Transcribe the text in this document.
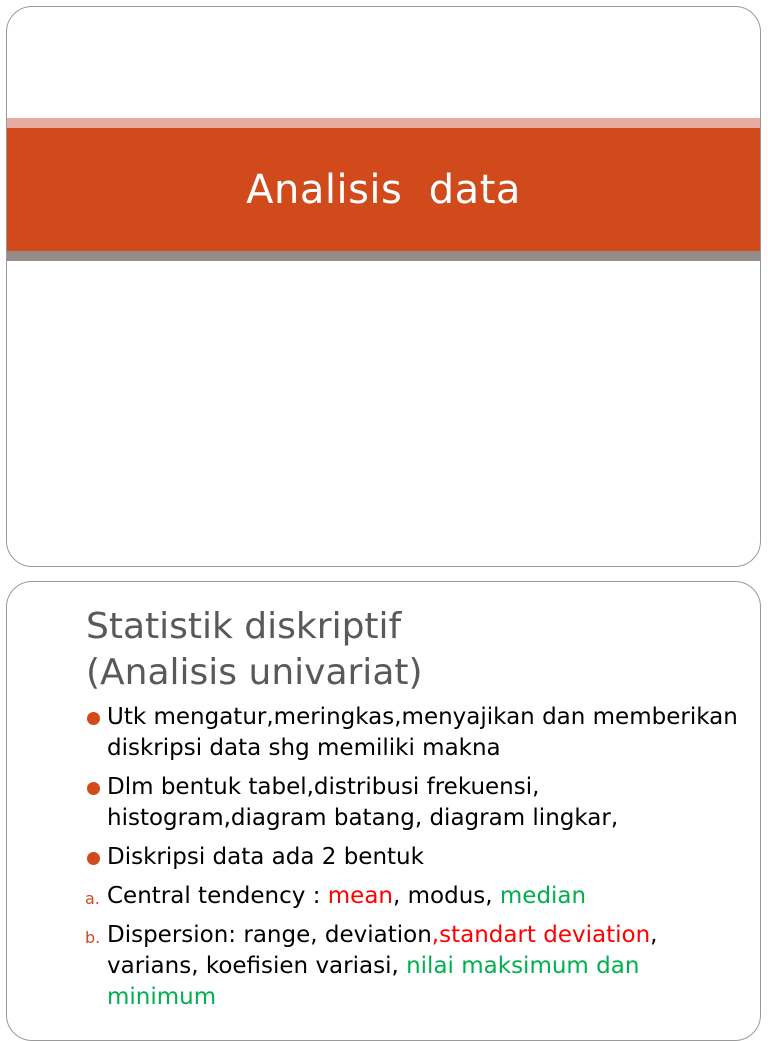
Analisis  data
Statistik diskriptif
(Analisis univariat)
Utk mengatur,meringkas,menyajikan dan memberikan diskripsi data shg memiliki makna
Dlm bentuk tabel,distribusi frekuensi, histogram,diagram batang, diagram lingkar,
Diskripsi data ada 2 bentuk
a. Central tendency : mean, modus, median
b. Dispersion: range, deviation,standart deviation, varians, koefisien variasi, nilai maksimum dan minimum
